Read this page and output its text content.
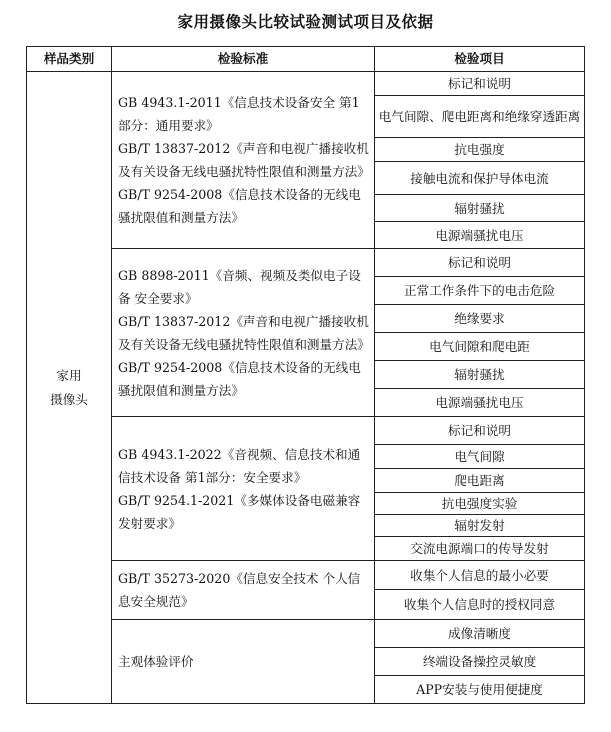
家用摄像头比较试验测试项目及依据
样品类别	检验标准	检验项目
家用
摄像头	GB 4943.1-2011《信息技术设备安全 第1部分：通用要求》
GB/T 13837-2012《声音和电视广播接收机及有关设备无线电骚扰特性限值和测量方法》
GB/T 9254-2008《信息技术设备的无线电骚扰限值和测量方法》	标记和说明
		电气间隙、爬电距离和绝缘穿透距离
		抗电强度
		接触电流和保护导体电流
		辐射骚扰
		电源端骚扰电压

	GB 8898-2011《音频、视频及类似电子设备 安全要求》
GB/T 13837-2012《声音和电视广播接收机及有关设备无线电骚扰特性限值和测量方法》
GB/T 9254-2008《信息技术设备的无线电骚扰限值和测量方法》	标记和说明
		正常工作条件下的电击危险
		绝缘要求
		电气间隙和爬电距
		辐射骚扰
		电源端骚扰电压

	GB 4943.1-2022《音视频、信息技术和通信技术设备 第1部分：安全要求》
GB/T 9254.1-2021《多媒体设备电磁兼容发射要求》	标记和说明
		电气间隙
		爬电距离
		抗电强度实验
		辐射发射
		交流电源端口的传导发射

	GB/T 35273-2020《信息安全技术 个人信息安全规范》	收集个人信息的最小必要
		收集个人信息时的授权同意

	主观体验评价	成像清晰度
		终端设备操控灵敏度
		APP安装与使用便捷度
